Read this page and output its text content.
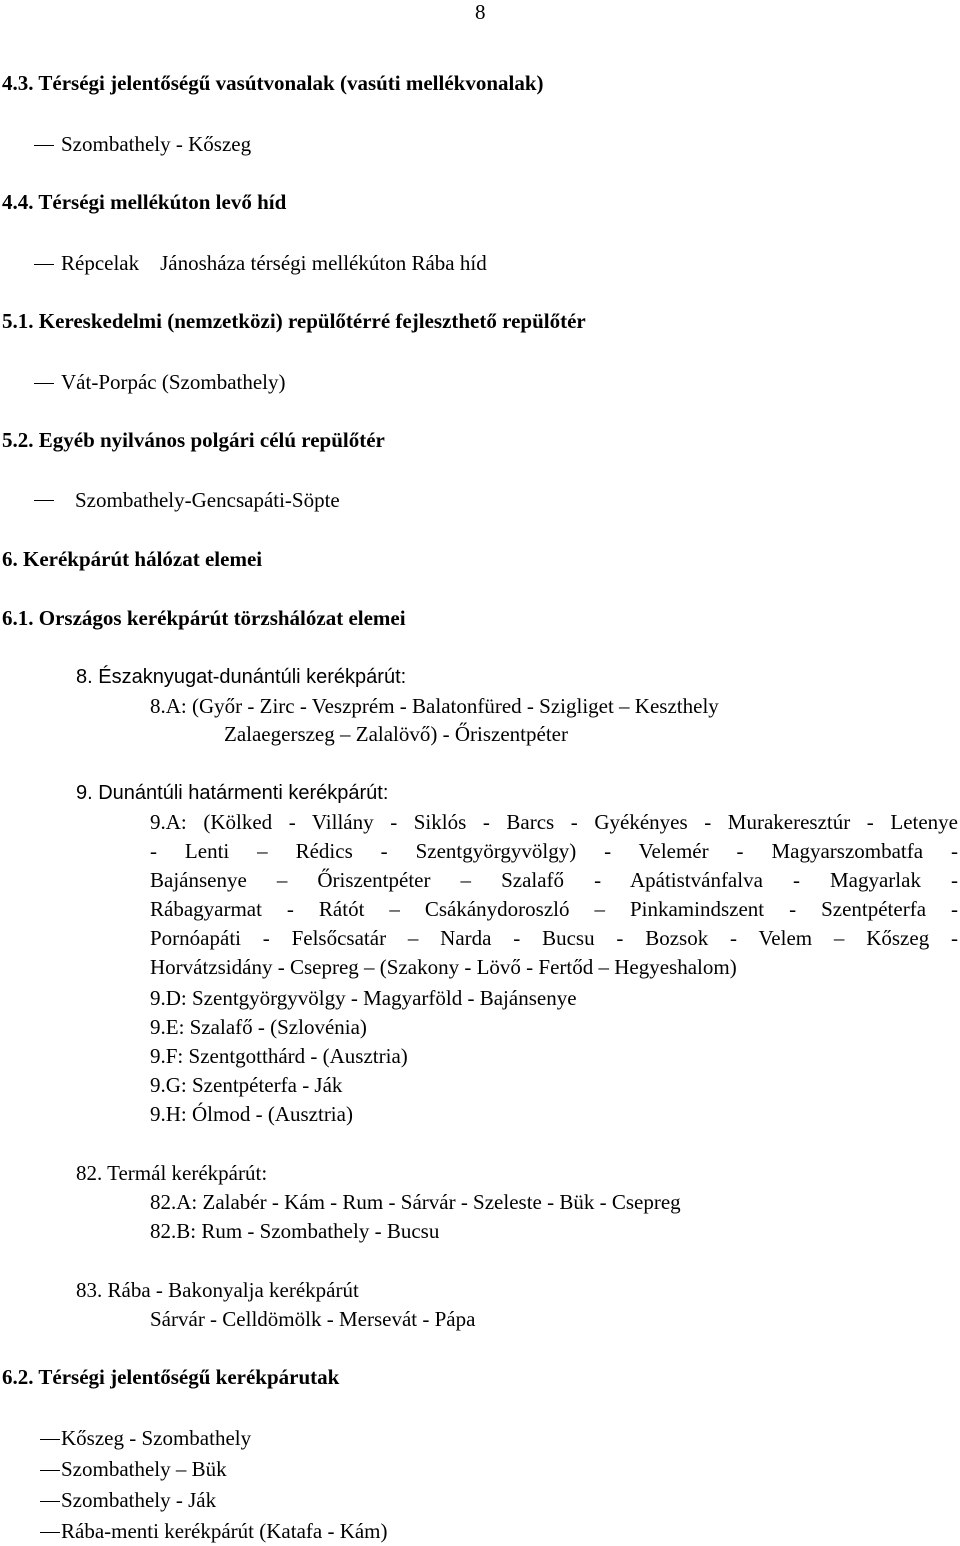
8
4.3. Térségi jelentőségű vasútvonalak (vasúti mellékvonalak)
Szombathely - Kőszeg
4.4. Térségi mellékúton levő híd
Répcelak    Jánosháza térségi mellékúton Rába híd
5.1. Kereskedelmi (nemzetközi) repülőtérré fejleszthető repülőtér
Vát-Porpác (Szombathely)
5.2. Egyéb nyilvános polgári célú repülőtér
Szombathely-Gencsapáti-Söpte
6. Kerékpárút hálózat elemei
6.1. Országos kerékpárút törzshálózat elemei
8. Északnyugat-dunántúli kerékpárút:
8.A: (Győr - Zirc - Veszprém - Balatonfüred - Szigliget – Keszthely
Zalaegerszeg – Zalalövő) - Őriszentpéter
9. Dunántúli határmenti kerékpárút:
9.A: (Kölked - Villány - Siklós - Barcs - Gyékényes - Murakeresztúr - Letenye
- Lenti – Rédics - Szentgyörgyvölgy) - Velemér - Magyarszombatfa -
Bajánsenye – Őriszentpéter – Szalafő - Apátistvánfalva - Magyarlak -
Rábagyarmat - Rátót – Csákánydoroszló – Pinkamindszent - Szentpéterfa -
Pornóapáti - Felsőcsatár – Narda - Bucsu - Bozsok - Velem – Kőszeg -
Horvátzsidány - Csepreg – (Szakony - Lövő - Fertőd – Hegyeshalom)
9.D: Szentgyörgyvölgy - Magyarföld - Bajánsenye
9.E: Szalafő - (Szlovénia)
9.F: Szentgotthárd - (Ausztria)
9.G: Szentpéterfa - Ják
9.H: Ólmod - (Ausztria)
82. Termál kerékpárút:
82.A: Zalabér - Kám - Rum - Sárvár - Szeleste - Bük - Csepreg
82.B: Rum - Szombathely - Bucsu
83. Rába - Bakonyalja kerékpárút
Sárvár - Celldömölk - Mersevát - Pápa
6.2. Térségi jelentőségű kerékpárutak
Kőszeg - Szombathely
Szombathely – Bük
Szombathely - Ják
Rába-menti kerékpárút (Katafa - Kám)
